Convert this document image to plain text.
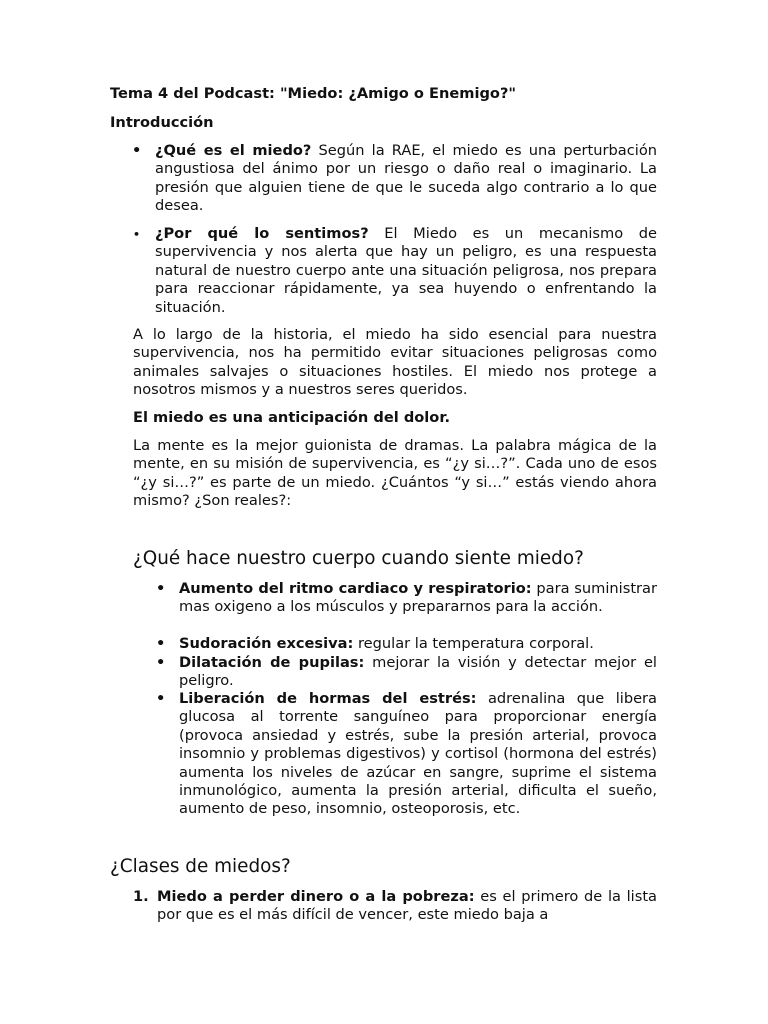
Tema 4 del Podcast: "Miedo: ¿Amigo o Enemigo?"

Introducción

• ¿Qué es el miedo? Según la RAE, el miedo es una perturbación angustiosa del ánimo por un riesgo o daño real o imaginario. La presión que alguien tiene de que le suceda algo contrario a lo que desea.

• ¿Por qué lo sentimos? El Miedo es un mecanismo de supervivencia y nos alerta que hay un peligro, es una respuesta natural de nuestro cuerpo ante una situación peligrosa, nos prepara para reaccionar rápidamente, ya sea huyendo o enfrentando la situación.

A lo largo de la historia, el miedo ha sido esencial para nuestra supervivencia, nos ha permitido evitar situaciones peligrosas como animales salvajes o situaciones hostiles. El miedo nos protege a nosotros mismos y a nuestros seres queridos.

El miedo es una anticipación del dolor.

La mente es la mejor guionista de dramas. La palabra mágica de la mente, en su misión de supervivencia, es “¿y si…?”. Cada uno de esos “¿y si…?” es parte de un miedo. ¿Cuántos “y si…” estás viendo ahora mismo? ¿Son reales?:

¿Qué hace nuestro cuerpo cuando siente miedo?
• Aumento del ritmo cardiaco y respiratorio: para suministrar mas oxigeno a los músculos y prepararnos para la acción.

• Sudoración excesiva: regular la temperatura corporal.

• Dilatación de pupilas: mejorar la visión y detectar mejor el peligro.

• Liberación de hormas del estrés: adrenalina que libera glucosa al torrente sanguíneo para proporcionar energía (provoca ansiedad y estrés, sube la presión arterial, provoca insomnio y problemas digestivos) y cortisol (hormona del estrés) aumenta los niveles de azúcar en sangre, suprime el sistema inmunológico, aumenta la presión arterial, dificulta el sueño, aumento de peso, insomnio, osteoporosis, etc.

¿Clases de miedos?
1. Miedo a perder dinero o a la pobreza: es el primero de la lista por que es el más difícil de vencer, este miedo baja a
